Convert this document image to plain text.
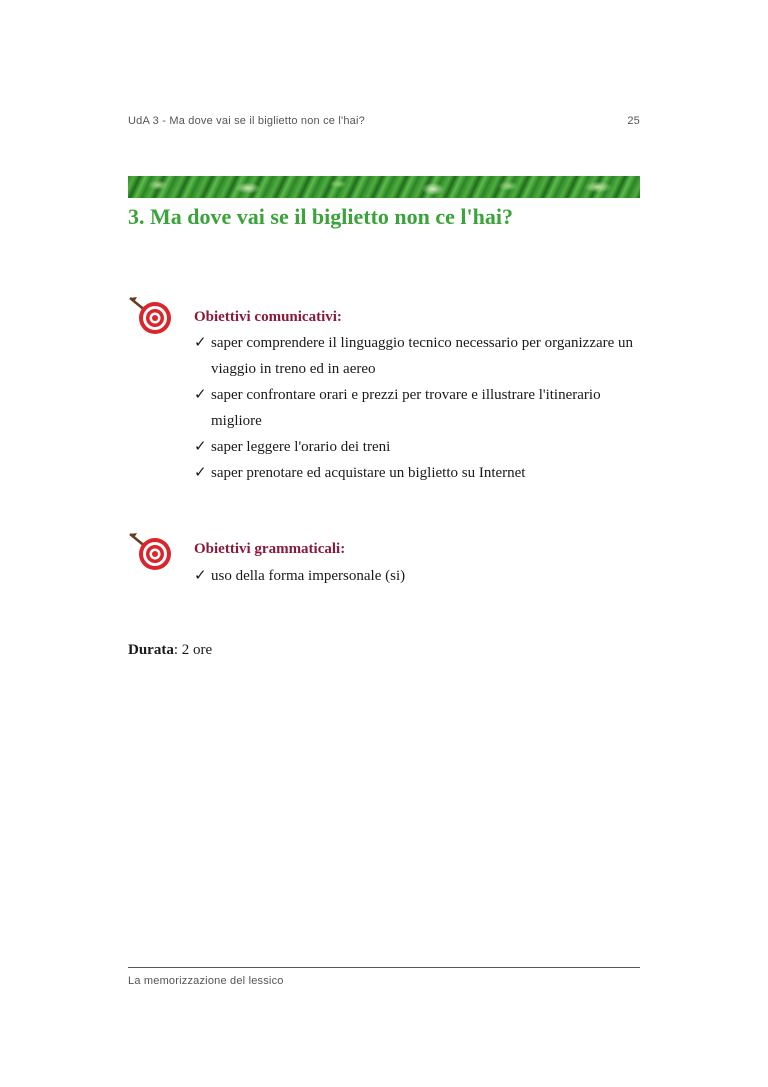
UdA 3 - Ma dove vai se il biglietto non ce l'hai?	25
3. Ma dove vai se il biglietto non ce l'hai?
Obiettivi comunicativi:
✓ saper comprendere il linguaggio tecnico necessario per organizzare un viaggio in treno ed in aereo
✓ saper confrontare orari e prezzi per trovare e illustrare l'itinerario migliore
✓ saper leggere l'orario dei treni
✓ saper prenotare ed acquistare un biglietto su Internet
Obiettivi grammaticali:
✓ uso della forma impersonale (si)
Durata: 2 ore
La memorizzazione del lessico
